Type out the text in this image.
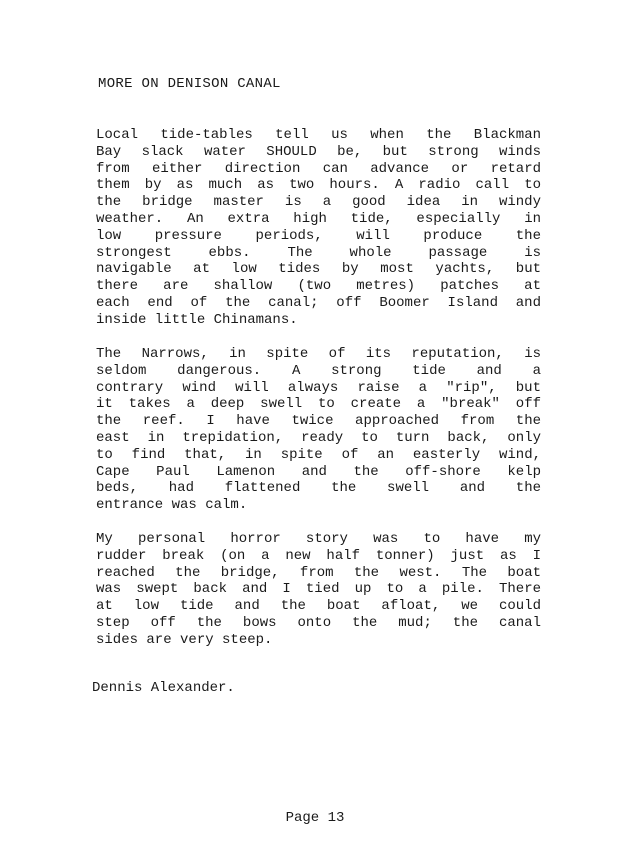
MORE ON DENISON CANAL
Local tide-tables tell us when the Blackman
Bay slack water SHOULD be, but strong winds
from either direction can advance or retard
them by as much as two hours. A radio call to
the bridge master is a good idea in windy
weather. An extra high tide, especially in
low pressure periods, will produce the
strongest ebbs. The whole passage is
navigable at low tides by most yachts, but
there are shallow (two metres) patches at
each end of the canal; off Boomer Island and
inside little Chinamans.
The Narrows, in spite of its reputation, is
seldom dangerous. A strong tide and a
contrary wind will always raise a "rip", but
it takes a deep swell to create a "break" off
the reef. I have twice approached from the
east in trepidation, ready to turn back, only
to find that, in spite of an easterly wind,
Cape Paul Lamenon and the off-shore kelp
beds, had flattened the swell and the
entrance was calm.
My personal horror story was to have my
rudder break (on a new half tonner) just as I
reached the bridge, from the west. The boat
was swept back and I tied up to a pile. There
at low tide and the boat afloat, we could
step off the bows onto the mud; the canal
sides are very steep.
Dennis Alexander.
Page 13
